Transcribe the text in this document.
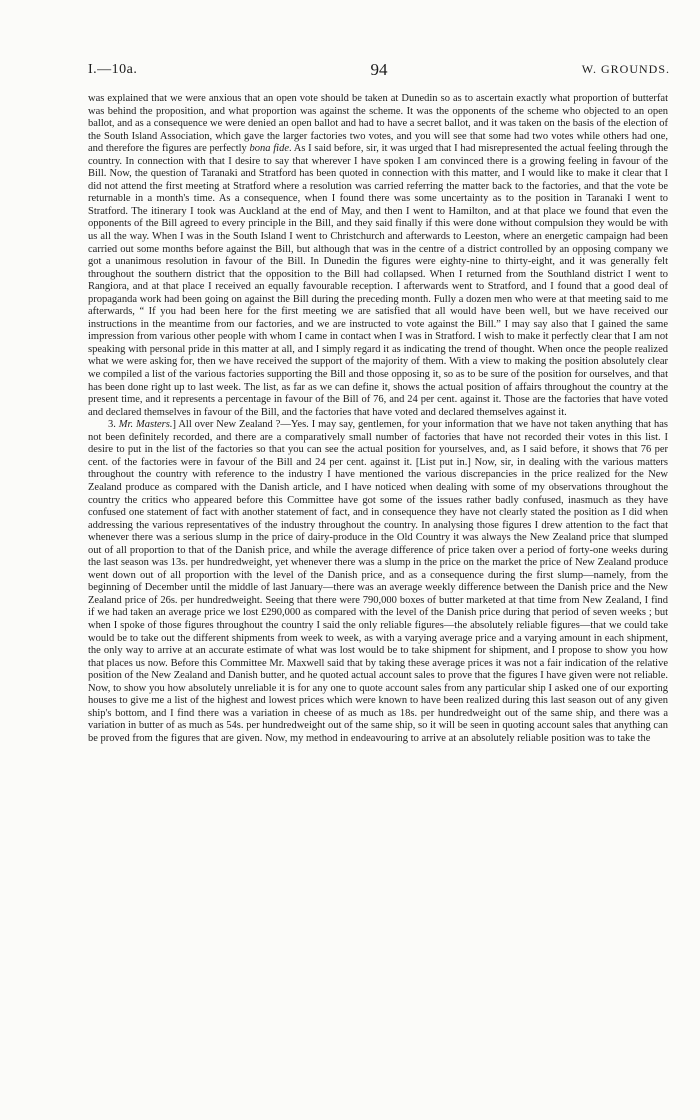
I.—10a.	94	W. GROUNDS.

was explained that we were anxious that an open vote should be taken at Dunedin so as to ascertain exactly what proportion of butterfat was behind the proposition, and what proportion was against the scheme. It was the opponents of the scheme who objected to an open ballot, and as a consequence we were denied an open ballot and had to have a secret ballot, and it was taken on the basis of the election of the South Island Association, which gave the larger factories two votes, and you will see that some had two votes while others had one, and therefore the figures are perfectly bona fide. As I said before, sir, it was urged that I had misrepresented the actual feeling through the country. In connection with that I desire to say that wherever I have spoken I am convinced there is a growing feeling in favour of the Bill. Now, the question of Taranaki and Stratford has been quoted in connection with this matter, and I would like to make it clear that I did not attend the first meeting at Stratford where a resolution was carried referring the matter back to the factories, and that the vote be returnable in a month's time. As a consequence, when I found there was some uncertainty as to the position in Taranaki I went to Stratford. The itinerary I took was Auckland at the end of May, and then I went to Hamilton, and at that place we found that even the opponents of the Bill agreed to every principle in the Bill, and they said finally if this were done without compulsion they would be with us all the way. When I was in the South Island I went to Christchurch and afterwards to Leeston, where an energetic campaign had been carried out some months before against the Bill, but although that was in the centre of a district controlled by an opposing company we got a unanimous resolution in favour of the Bill. In Dunedin the figures were eighty-nine to thirty-eight, and it was generally felt throughout the southern district that the opposition to the Bill had collapsed. When I returned from the Southland district I went to Rangiora, and at that place I received an equally favourable reception. I afterwards went to Stratford, and I found that a good deal of propaganda work had been going on against the Bill during the preceding month. Fully a dozen men who were at that meeting said to me afterwards, “ If you had been here for the first meeting we are satisfied that all would have been well, but we have received our instructions in the meantime from our factories, and we are instructed to vote against the Bill.” I may say also that I gained the same impression from various other people with whom I came in contact when I was in Stratford. I wish to make it perfectly clear that I am not speaking with personal pride in this matter at all, and I simply regard it as indicating the trend of thought. When once the people realized what we were asking for, then we have received the support of the majority of them. With a view to making the position absolutely clear we compiled a list of the various factories supporting the Bill and those opposing it, so as to be sure of the position for ourselves, and that has been done right up to last week. The list, as far as we can define it, shows the actual position of affairs throughout the country at the present time, and it represents a percentage in favour of the Bill of 76, and 24 per cent. against it. Those are the factories that have voted and declared themselves in favour of the Bill, and the factories that have voted and declared themselves against it.

3. Mr. Masters.] All over New Zealand ?—Yes. I may say, gentlemen, for your information that we have not taken anything that has not been definitely recorded, and there are a comparatively small number of factories that have not recorded their votes in this list. I desire to put in the list of the factories so that you can see the actual position for yourselves, and, as I said before, it shows that 76 per cent. of the factories were in favour of the Bill and 24 per cent. against it. [List put in.] Now, sir, in dealing with the various matters throughout the country with reference to the industry I have mentioned the various discrepancies in the price realized for the New Zealand produce as compared with the Danish article, and I have noticed when dealing with some of my observations throughout the country the critics who appeared before this Committee have got some of the issues rather badly confused, inasmuch as they have confused one statement of fact with another statement of fact, and in consequence they have not clearly stated the position as I did when addressing the various representatives of the industry throughout the country. In analysing those figures I drew attention to the fact that whenever there was a serious slump in the price of dairy-produce in the Old Country it was always the New Zealand price that slumped out of all proportion to that of the Danish price, and while the average difference of price taken over a period of forty-one weeks during the last season was 13s. per hundredweight, yet whenever there was a slump in the price on the market the price of New Zealand produce went down out of all proportion with the level of the Danish price, and as a consequence during the first slump—namely, from the beginning of December until the middle of last January—there was an average weekly difference between the Danish price and the New Zealand price of 26s. per hundredweight. Seeing that there were 790,000 boxes of butter marketed at that time from New Zealand, I find if we had taken an average price we lost £290,000 as compared with the level of the Danish price during that period of seven weeks ; but when I spoke of those figures throughout the country I said the only reliable figures—the absolutely reliable figures—that we could take would be to take out the different shipments from week to week, as with a varying average price and a varying amount in each shipment, the only way to arrive at an accurate estimate of what was lost would be to take shipment for shipment, and I propose to show you how that places us now. Before this Committee Mr. Maxwell said that by taking these average prices it was not a fair indication of the relative position of the New Zealand and Danish butter, and he quoted actual account sales to prove that the figures I have given were not reliable. Now, to show you how absolutely unreliable it is for any one to quote account sales from any particular ship I asked one of our exporting houses to give me a list of the highest and lowest prices which were known to have been realized during this last season out of any given ship's bottom, and I find there was a variation in cheese of as much as 18s. per hundredweight out of the same ship, and there was a variation in butter of as much as 54s. per hundredweight out of the same ship, so it will be seen in quoting account sales that anything can be proved from the figures that are given. Now, my method in endeavouring to arrive at an absolutely reliable position was to take the
